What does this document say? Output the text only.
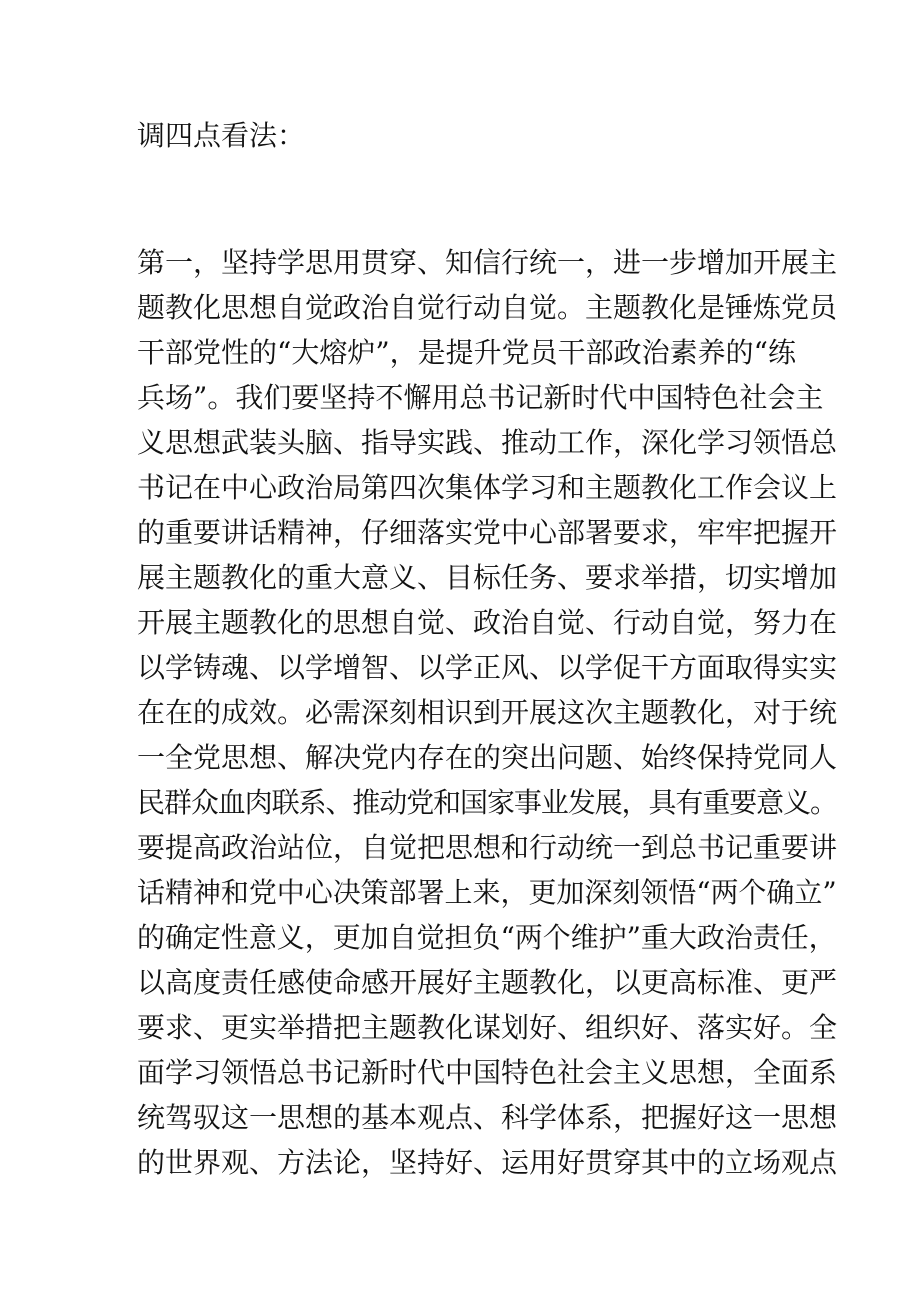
调四点看法：
第一，坚持学思用贯穿、知信行统一，进一步增加开展主
题教化思想自觉政治自觉行动自觉。主题教化是锤炼党员
干部党性的“大熔炉”，是提升党员干部政治素养的“练
兵场”。我们要坚持不懈用总书记新时代中国特色社会主
义思想武装头脑、指导实践、推动工作，深化学习领悟总
书记在中心政治局第四次集体学习和主题教化工作会议上
的重要讲话精神，仔细落实党中心部署要求，牢牢把握开
展主题教化的重大意义、目标任务、要求举措，切实增加
开展主题教化的思想自觉、政治自觉、行动自觉，努力在
以学铸魂、以学增智、以学正风、以学促干方面取得实实
在在的成效。必需深刻相识到开展这次主题教化，对于统
一全党思想、解决党内存在的突出问题、始终保持党同人
民群众血肉联系、推动党和国家事业发展，具有重要意义。
要提高政治站位，自觉把思想和行动统一到总书记重要讲
话精神和党中心决策部署上来，更加深刻领悟“两个确立”
的确定性意义，更加自觉担负“两个维护”重大政治责任，
以高度责任感使命感开展好主题教化，以更高标准、更严
要求、更实举措把主题教化谋划好、组织好、落实好。全
面学习领悟总书记新时代中国特色社会主义思想，全面系
统驾驭这一思想的基本观点、科学体系，把握好这一思想
的世界观、方法论，坚持好、运用好贯穿其中的立场观点
